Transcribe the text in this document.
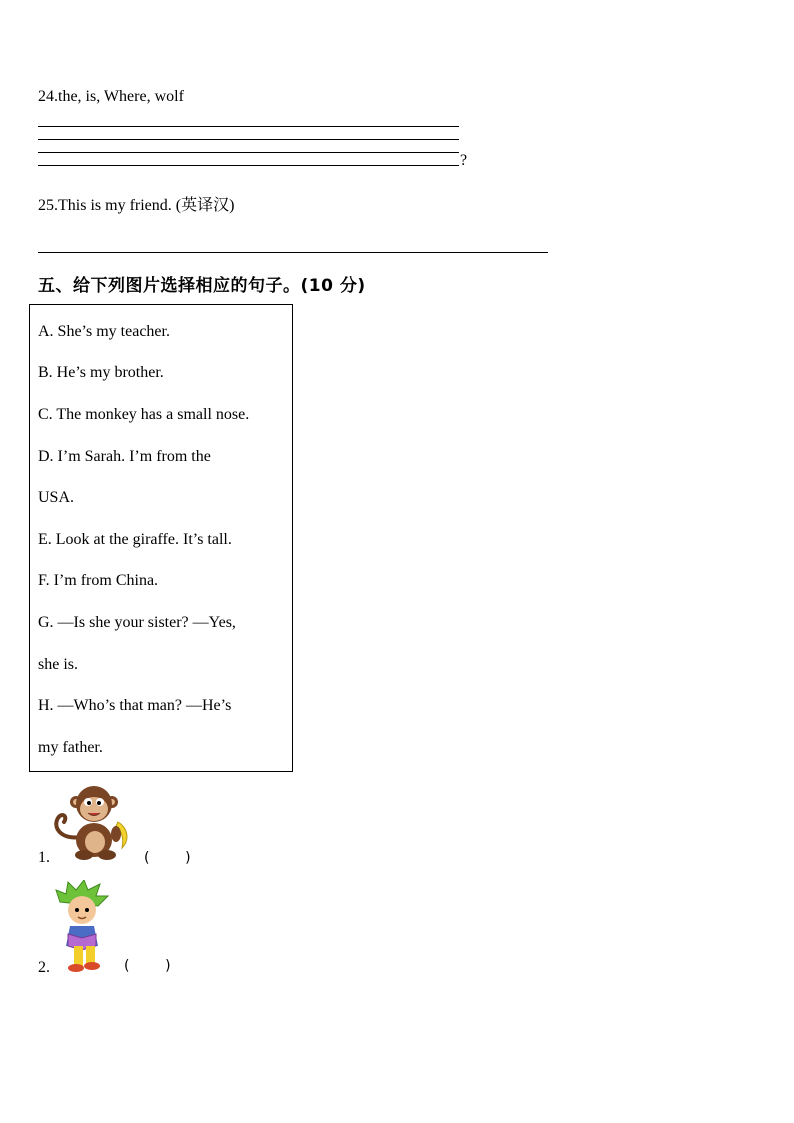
24.the, is, Where, wolf
?
25.This is my friend. (英译汉)
五、给下列图片选择相应的句子。(10 分)
A. She’s my teacher.
B. He’s my brother.
C. The monkey has a small nose.
D. I’m Sarah. I’m from the
USA.
E. Look at the giraffe. It’s tall.
F. I’m from China.
G. —Is she your sister? —Yes,
she is.
H. —Who’s that man? —He’s
my father.
1.	(        )
2.	(        )
